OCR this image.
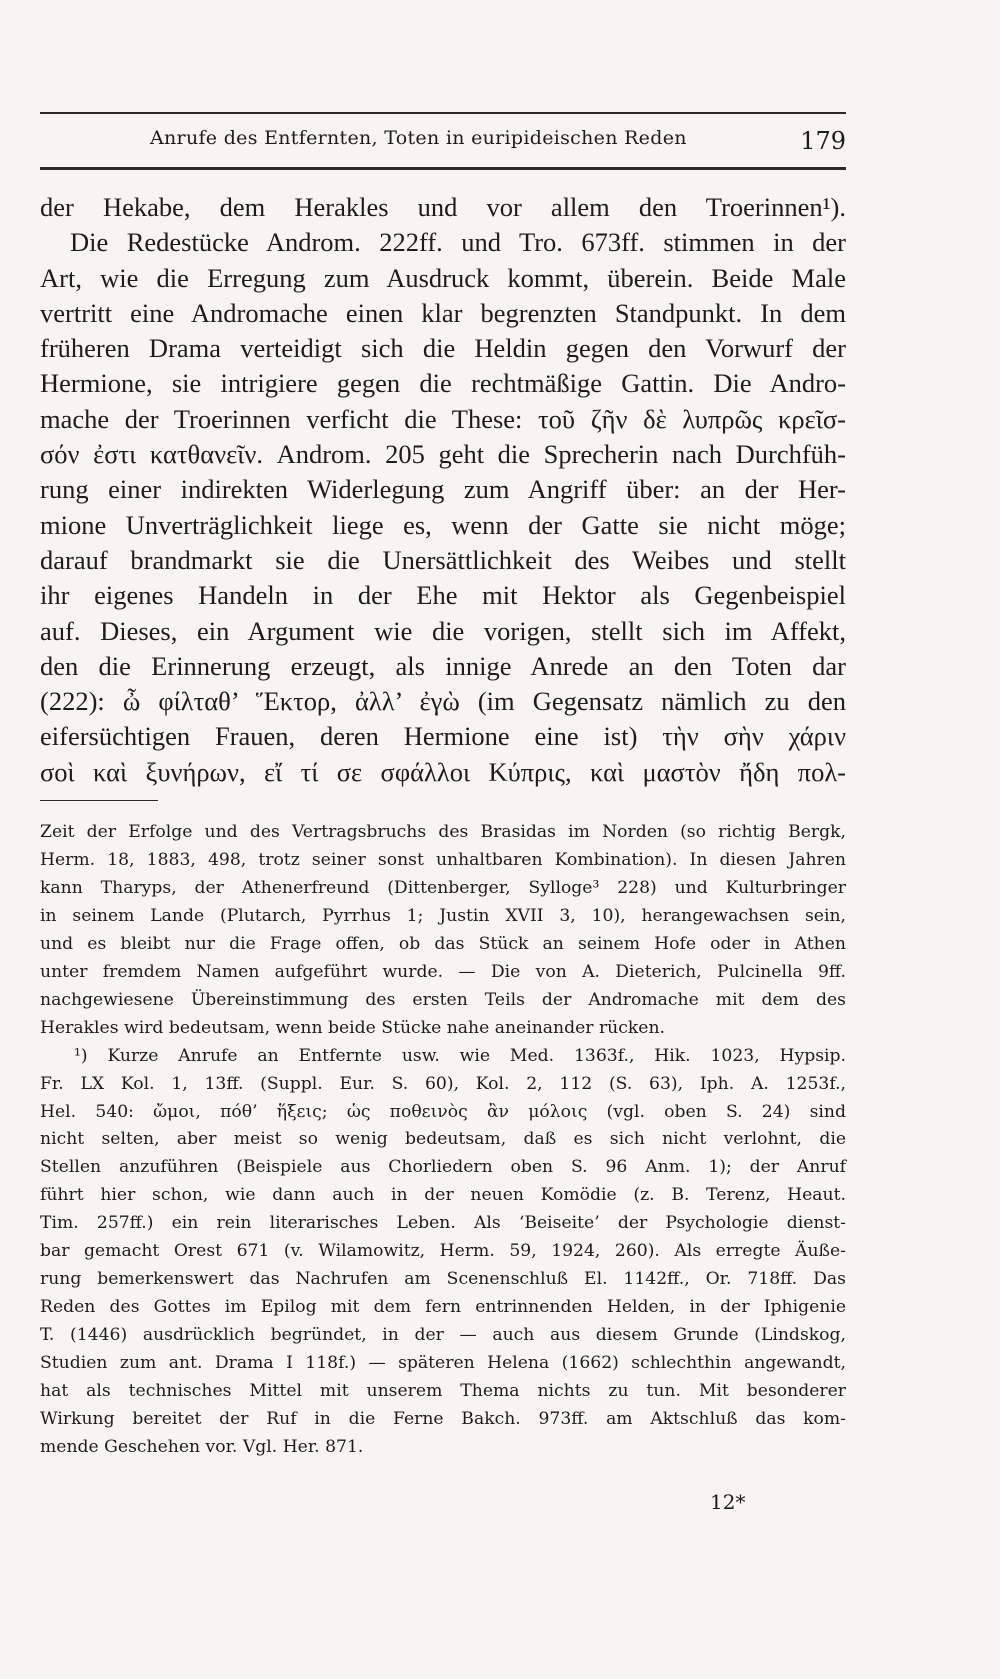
Anrufe des Entfernten, Toten in euripideischen Reden	179
der Hekabe, dem Herakles und vor allem den Troerinnen¹).
Die Redestücke Androm. 222ff. und Tro. 673ff. stimmen in der
Art, wie die Erregung zum Ausdruck kommt, überein. Beide Male
vertritt eine Andromache einen klar begrenzten Standpunkt. In dem
früheren Drama verteidigt sich die Heldin gegen den Vorwurf der
Hermione, sie intrigiere gegen die rechtmäßige Gattin. Die Andro-
mache der Troerinnen verficht die These: τοῦ ζῆν δὲ λυπρῶς κρεῖσ-
σόν ἐστι κατθανεῖν. Androm. 205 geht die Sprecherin nach Durchfüh-
rung einer indirekten Widerlegung zum Angriff über: an der Her-
mione Unverträglichkeit liege es, wenn der Gatte sie nicht möge;
darauf brandmarkt sie die Unersättlichkeit des Weibes und stellt
ihr eigenes Handeln in der Ehe mit Hektor als Gegenbeispiel
auf. Dieses, ein Argument wie die vorigen, stellt sich im Affekt,
den die Erinnerung erzeugt, als innige Anrede an den Toten dar
(222): ὦ φίλταθ’ Ἕκτορ, ἀλλ’ ἐγὼ (im Gegensatz nämlich zu den
eifersüchtigen Frauen, deren Hermione eine ist) τὴν σὴν χάριν
σοὶ καὶ ξυνήρων, εἴ τί σε σφάλλοι Κύπρις, καὶ μαστὸν ἤδη πολ-
Zeit der Erfolge und des Vertragsbruchs des Brasidas im Norden (so richtig Bergk,
Herm. 18, 1883, 498, trotz seiner sonst unhaltbaren Kombination). In diesen Jahren
kann Tharyps, der Athenerfreund (Dittenberger, Sylloge³ 228) und Kulturbringer
in seinem Lande (Plutarch, Pyrrhus 1; Justin XVII 3, 10), herangewachsen sein,
und es bleibt nur die Frage offen, ob das Stück an seinem Hofe oder in Athen
unter fremdem Namen aufgeführt wurde. — Die von A. Dieterich, Pulcinella 9ff.
nachgewiesene Übereinstimmung des ersten Teils der Andromache mit dem des
Herakles wird bedeutsam, wenn beide Stücke nahe aneinander rücken.
¹) Kurze Anrufe an Entfernte usw. wie Med. 1363f., Hik. 1023, Hypsip.
Fr. LX Kol. 1, 13ff. (Suppl. Eur. S. 60), Kol. 2, 112 (S. 63), Iph. A. 1253f.,
Hel. 540: ὤμοι, πόθ’ ἥξεις; ὡς ποθεινὸς ἂν μόλοις (vgl. oben S. 24) sind
nicht selten, aber meist so wenig bedeutsam, daß es sich nicht verlohnt, die
Stellen anzuführen (Beispiele aus Chorliedern oben S. 96 Anm. 1); der Anruf
führt hier schon, wie dann auch in der neuen Komödie (z. B. Terenz, Heaut.
Tim. 257ff.) ein rein literarisches Leben. Als ‘Beiseite’ der Psychologie dienst-
bar gemacht Orest 671 (v. Wilamowitz, Herm. 59, 1924, 260). Als erregte Äuße-
rung bemerkenswert das Nachrufen am Scenenschluß El. 1142ff., Or. 718ff. Das
Reden des Gottes im Epilog mit dem fern entrinnenden Helden, in der Iphigenie
T. (1446) ausdrücklich begründet, in der — auch aus diesem Grunde (Lindskog,
Studien zum ant. Drama I 118f.) — späteren Helena (1662) schlechthin angewandt,
hat als technisches Mittel mit unserem Thema nichts zu tun. Mit besonderer
Wirkung bereitet der Ruf in die Ferne Bakch. 973ff. am Aktschluß das kom-
mende Geschehen vor. Vgl. Her. 871.
12*
